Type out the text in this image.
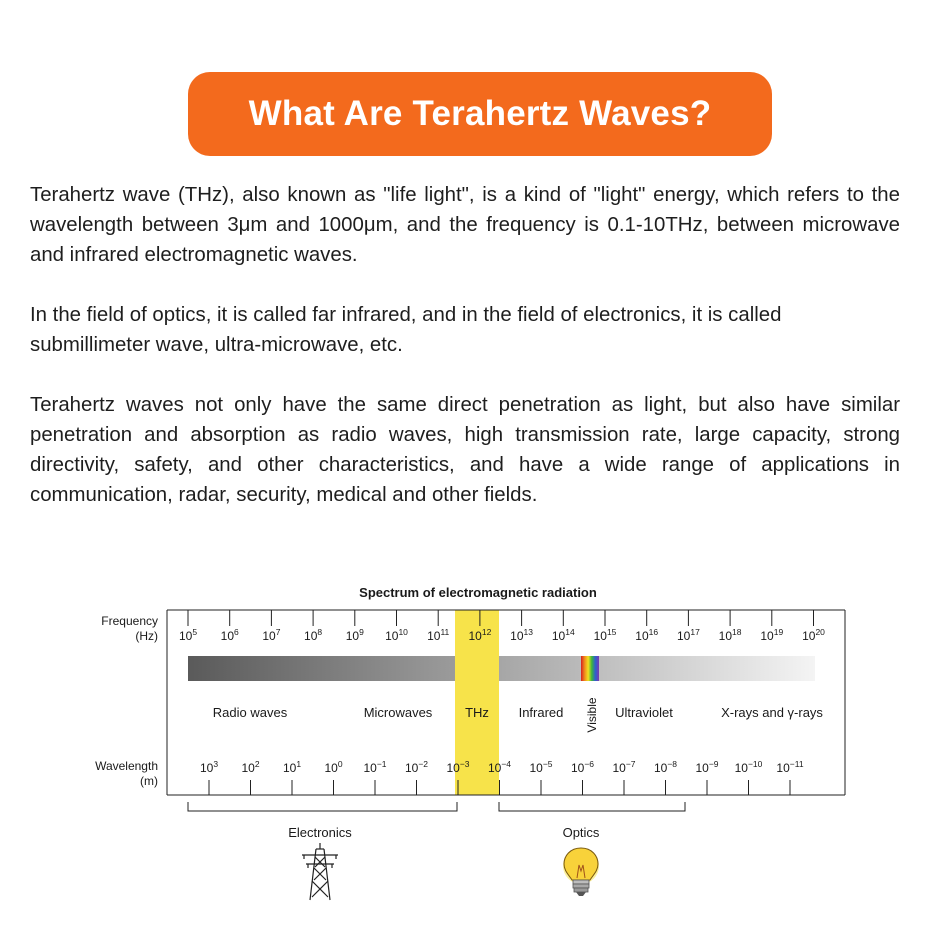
What Are Terahertz Waves?

Terahertz wave (THz), also known as "life light", is a kind of "light" energy, which refers to the wavelength between 3μm and 1000μm, and the frequency is 0.1-10THz, between microwave and infrared electromagnetic waves.

In the field of optics, it is called far infrared, and in the field of electronics, it is called submillimeter wave, ultra-microwave, etc.

Terahertz waves not only have the same direct penetration as light, but also have similar penetration and absorption as radio waves, high transmission rate, large capacity, strong directivity, safety, and other characteristics, and have a wide range of applications in communication, radar, security, medical and other fields.

Spectrum of electromagnetic radiation
Frequency
(Hz)
Wavelength
(m)
$10^5$ $10^6$ $10^7$ $10^8$ $10^9$ $10^{10}$ $10^{11}$ $10^{12}$ $10^{13}$ $10^{14}$ $10^{15}$ $10^{16}$ $10^{17}$ $10^{18}$ $10^{19}$ $10^{20}$
$10^3$ $10^2$ $10^1$ $10^0$ $10^{-1}$ $10^{-2}$ $10^{-3}$ $10^{-4}$ $10^{-5}$ $10^{-6}$ $10^{-7}$ $10^{-8}$ $10^{-9}$ $10^{-10}$ $10^{-11}$
Radio waves	Microwaves	THz Infrared Visible Ultraviolet	X-rays and γ-rays
Electronics	Optics
